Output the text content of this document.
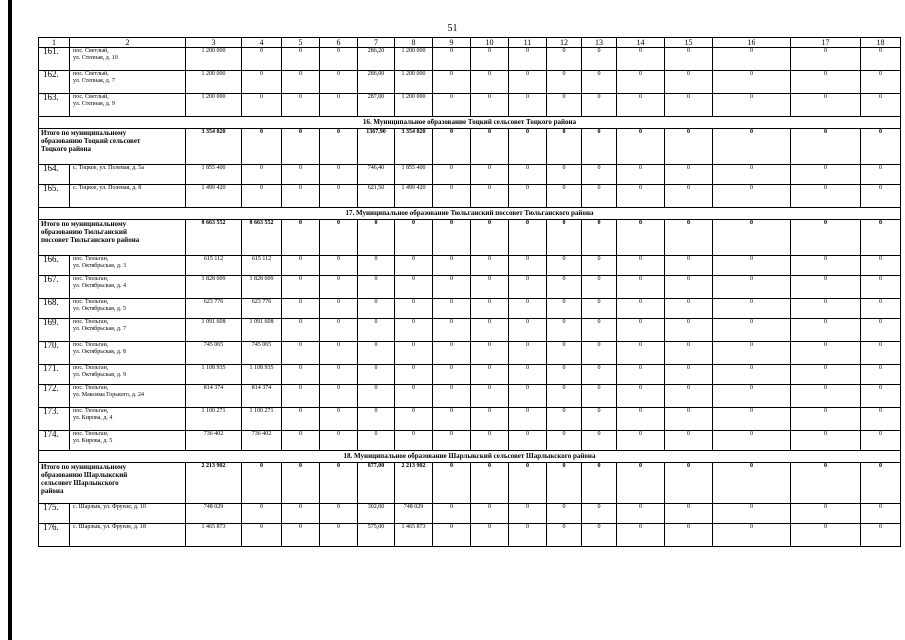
51
1	2	3	4	5	6	7	8	9	10	11	12	13	14	15	16	17	18
161.	пос. Светлый,
ул. Степная, д. 10	1 200 000	0	0	0	286,20	1 200 000	0	0	0	0	0	0	0	0	0	0
162.	пос. Светлый,
ул. Степная, д. 7	1 200 000	0	0	0	286,00	1 200 000	0	0	0	0	0	0	0	0	0	0
163.	пос. Светлый,
ул. Степная, д. 9	1 200 000	0	0	0	287,00	1 200 000	0	0	0	0	0	0	0	0	0	0
16. Муниципальное образование Тоцкий сельсовет Тоцкого района																	

Итого по муниципальному
образованию Тоцкий сельсовет
Тоцкого района		3 354 820	0	0	0	1367,90	3 354 820	0	0	0	0	0	0	0	0	0	0
164.	с. Тоцкое, ул. Полевая, д. 5а	1 855 400	0	0	0	746,40	1 855 400	0	0	0	0	0	0	0	0	0	0
165.	с. Тоцкое, ул. Полевая, д. 8	1 499 420	0	0	0	621,50	1 499 420	0	0	0	0	0	0	0	0	0	0
17. Муниципальное образование Тюльганский поссовет Тюльганского района																	

Итого по муниципальному
образованию Тюльганский
поссовет Тюльганского района		8 663 552	8 663 552	0	0	0	0	0	0	0	0	0	0	0	0	0	0
166.	пос. Тюльган,
ул. Октябрьская, д. 3	615 112	615 112	0	0	0	0	0	0	0	0	0	0	0	0	0	0
167.	пос. Тюльган,
ул. Октябрьская, д. 4	1 828 009	1 828 009	0	0	0	0	0	0	0	0	0	0	0	0	0	0
168.	пос. Тюльган,
ул. Октябрьская, д. 5	623 776	623 776	0	0	0	0	0	0	0	0	0	0	0	0	0	0
169.	пос. Тюльган,
ул. Октябрьская, д. 7	1 091 608	1 091 608	0	0	0	0	0	0	0	0	0	0	0	0	0	0
170.	пос. Тюльган,
ул. Октябрьская, д. 8	745 065	745 065	0	0	0	0	0	0	0	0	0	0	0	0	0	0
171.	пос. Тюльган,
ул. Октябрьская, д. 9	1 108 935	1 108 935	0	0	0	0	0	0	0	0	0	0	0	0	0	0
172.	пос. Тюльган,
ул. Максима Горького, д. 24	814 374	814 374	0	0	0	0	0	0	0	0	0	0	0	0	0	0
173.	пос. Тюльган,
ул. Кирова, д. 4	1 100 271	1 100 271	0	0	0	0	0	0	0	0	0	0	0	0	0	0
174.	пос. Тюльган,
ул. Кирова, д. 5	736 402	736 402	0	0	0	0	0	0	0	0	0	0	0	0	0	0
18. Муниципальное образование Шарлыкский сельсовет Шарлыкского района																	

Итого по муниципальному
образованию Шарлыкский
сельсовет Шарлыкского
района		2 213 902	0	0	0	877,00	2 213 902	0	0	0	0	0	0	0	0	0	0
175.	с. Шарлык, ул. Фрунзе, д. 10	748 029	0	0	0	302,00	748 029	0	0	0	0	0	0	0	0	0	0
176.	с. Шарлык, ул. Фрунзе, д. 18	1 465 873	0	0	0	575,00	1 465 873	0	0	0	0	0	0	0	0	0	0
